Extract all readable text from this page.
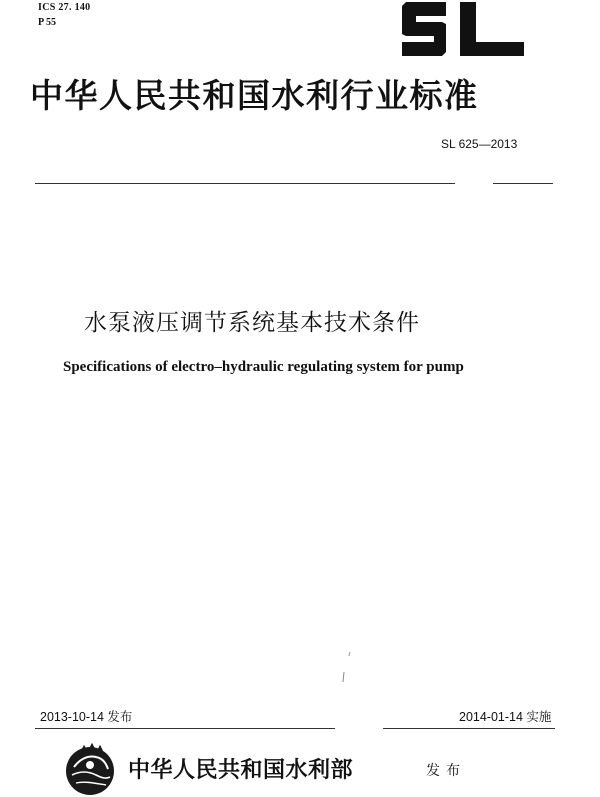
ICS 27. 140
P 55
中华人民共和国水利行业标准
SL 625—2013
水泵液压调节系统基本技术条件
Specifications of electro–hydraulic regulating system for pump
2013-10-14 发布	2014-01-14 实施
中华人民共和国水利部	发布
